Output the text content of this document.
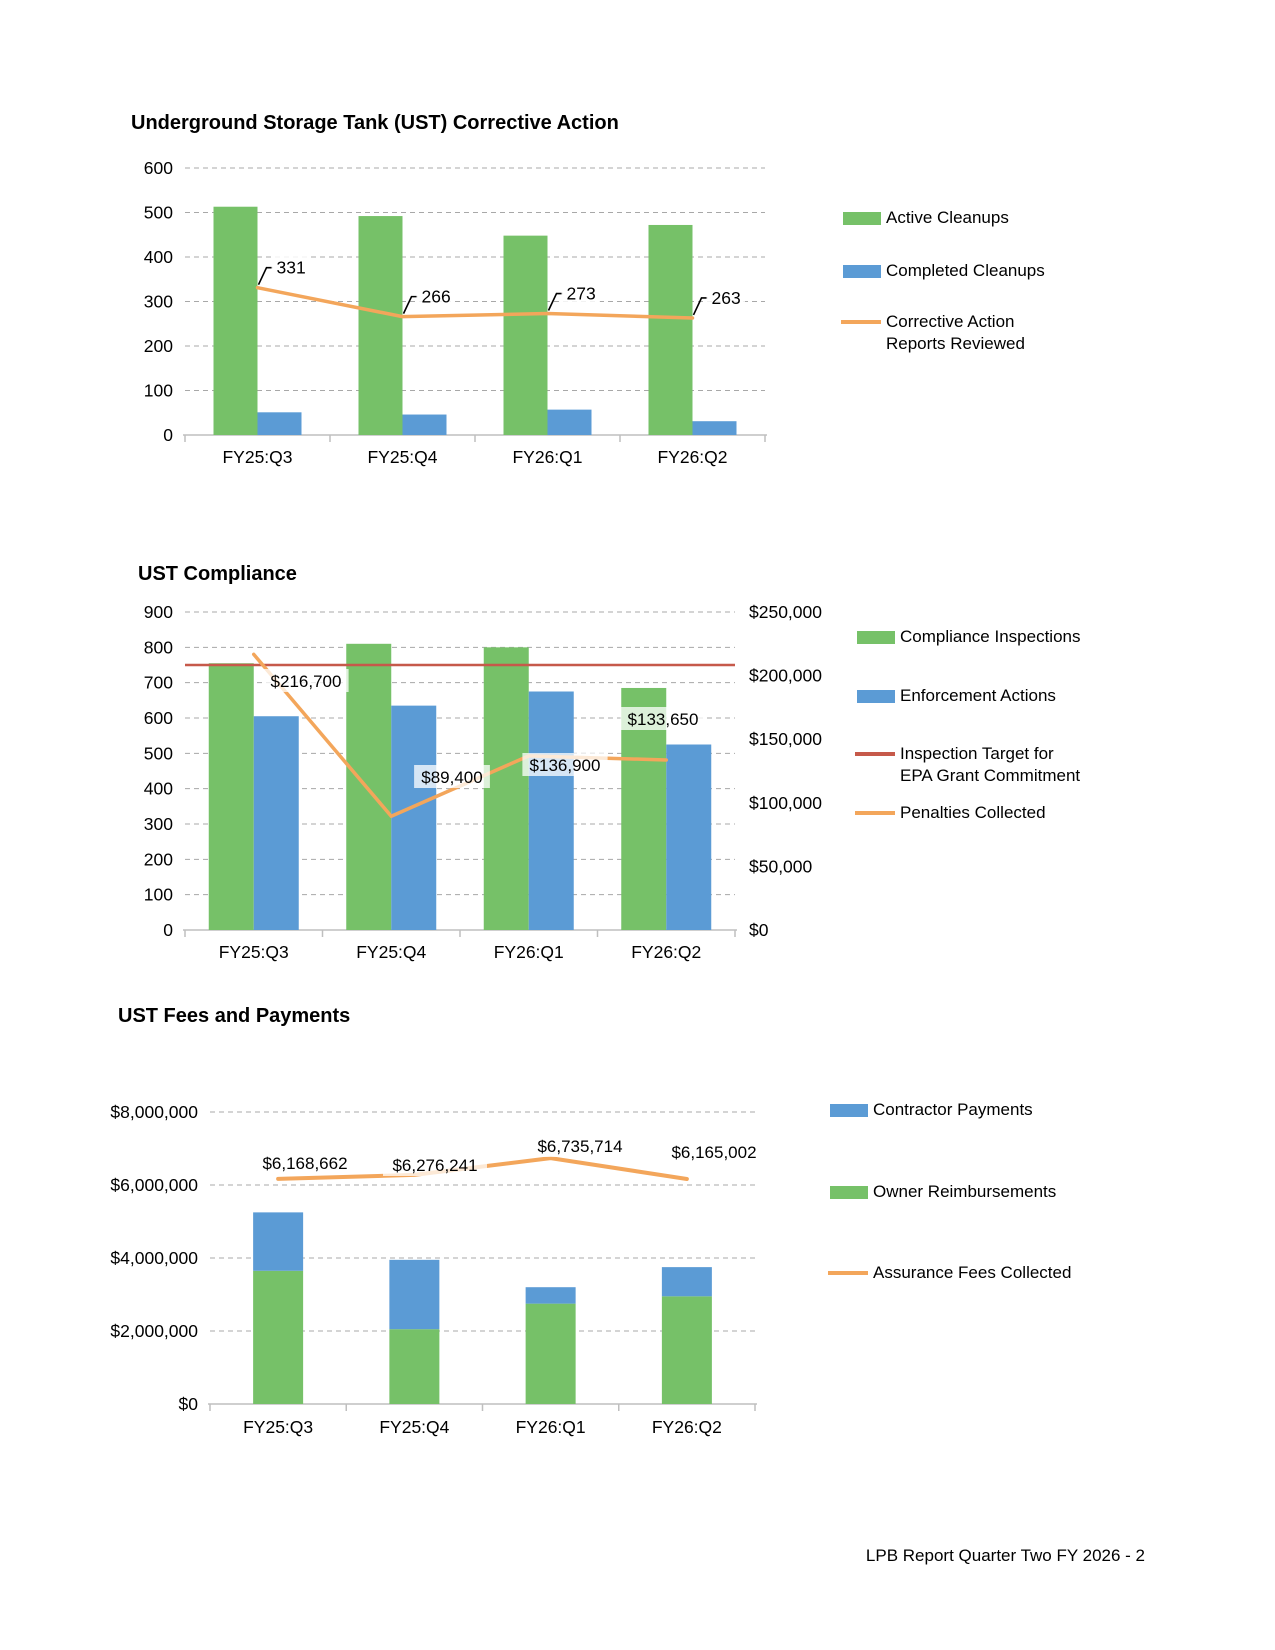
Underground Storage Tank (UST) Corrective Action
0
100
200
300
400
500
600
FY25:Q3	FY25:Q4	FY26:Q1	FY26:Q2
331
266	273	263
Active Cleanups
Completed Cleanups
Corrective Action Reports Reviewed
UST Compliance
0
100
200
300
400
500
600
700
800
900
$0
$50,000
$100,000
$150,000
$200,000
$250,000
FY25:Q3	FY25:Q4	FY26:Q1	FY26:Q2
$216,700
$89,400
$136,900
$133,650
Compliance Inspections
Enforcement Actions
Inspection Target for EPA Grant Commitment
Penalties Collected
UST Fees and Payments
$0
$2,000,000
$4,000,000
$6,000,000
$8,000,000
FY25:Q3	FY25:Q4	FY26:Q1	FY26:Q2
$6,168,662	$6,276,241
$6,735,714	$6,165,002
Contractor Payments
Owner Reimbursements
Assurance Fees Collected
LPB Report Quarter Two FY 2026 - 2
